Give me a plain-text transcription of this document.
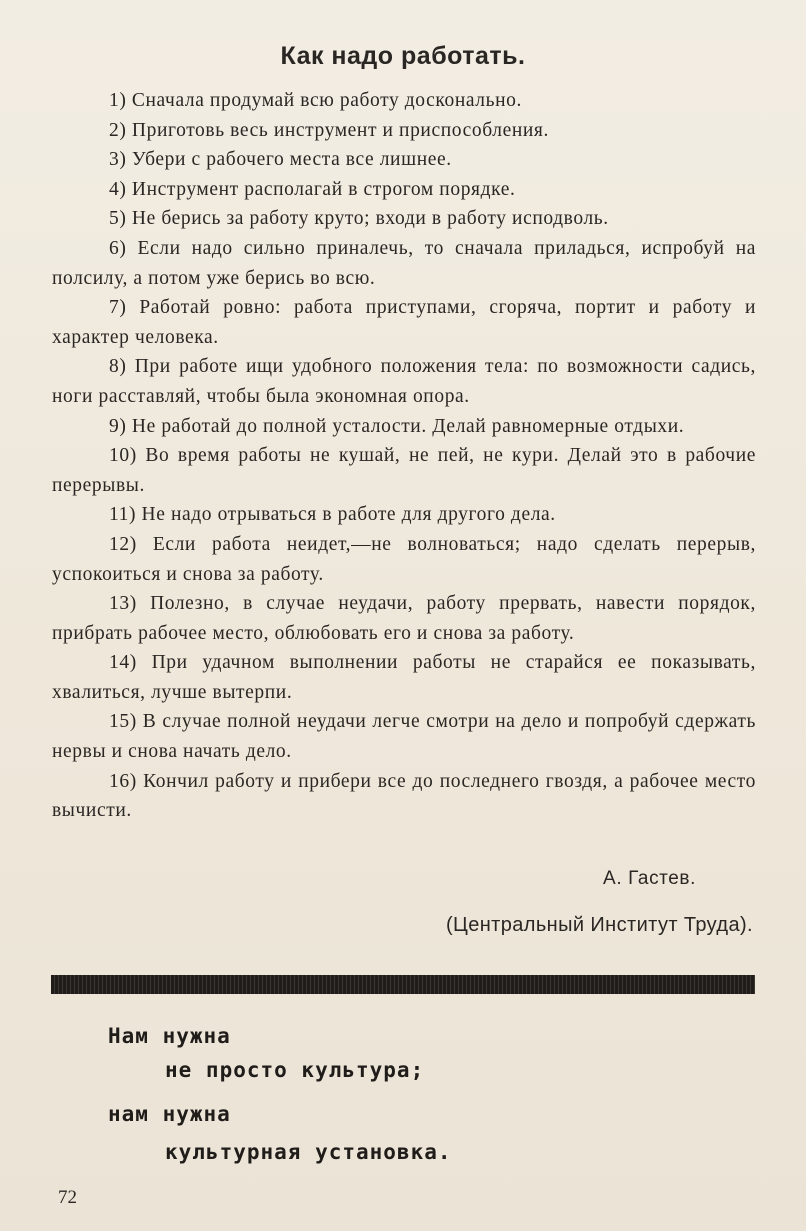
Как надо работать.
1) Сначала продумай всю работу досконально.
2) Приготовь весь инструмент и приспособления.
3) Убери с рабочего места все лишнее.
4) Инструмент располагай в строгом порядке.
5) Не берись за работу круто; входи в работу исподволь.
6) Если надо сильно приналечь, то сначала приладься, испробуй на полсилу, а потом уже берись во всю.
7) Работай ровно: работа приступами, сгоряча, портит и работу и характер человека.
8) При работе ищи удобного положения тела: по возможности садись, ноги расставляй, чтобы была экономная опора.
9) Не работай до полной усталости. Делай равномерные отдыхи.
10) Во время работы не кушай, не пей, не кури. Делай это в рабочие перерывы.
11) Не надо отрываться в работе для другого дела.
12) Если работа неидет,—не волноваться; надо сделать перерыв, успокоиться и снова за работу.
13) Полезно, в случае неудачи, работу прервать, навести порядок, прибрать рабочее место, облюбовать его и снова за работу.
14) При удачном выполнении работы не старайся ее показывать, хвалиться, лучше вытерпи.
15) В случае полной неудачи легче смотри на дело и попробуй сдержать нервы и снова начать дело.
16) Кончил работу и прибери все до последнего гвоздя, а рабочее место вычисти.
А. Гастев.
(Центральный Институт Труда).
Нам нужна
не просто культура;
нам нужна
культурная установка.
72
